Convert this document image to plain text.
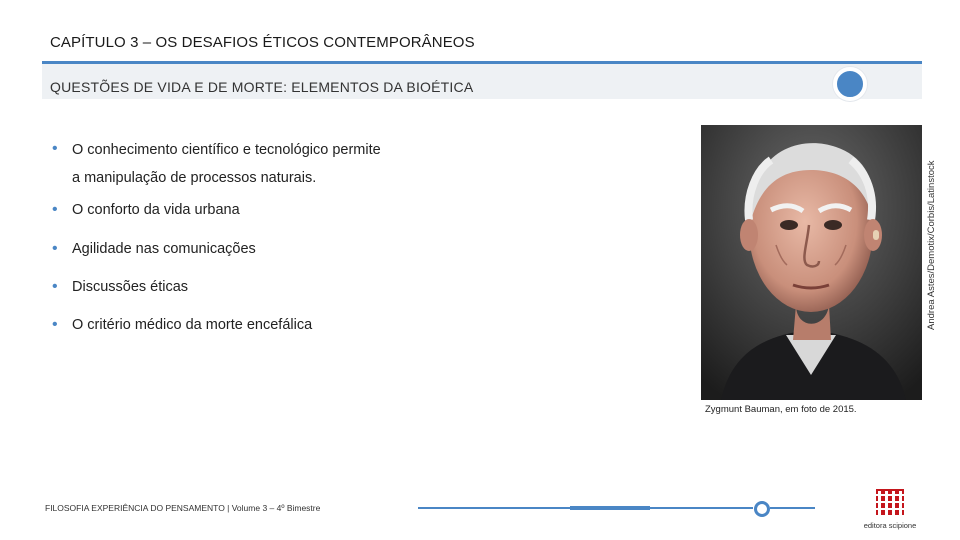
CAPÍTULO 3 – OS DESAFIOS ÉTICOS CONTEMPORÂNEOS
QUESTÕES DE VIDA E DE MORTE: ELEMENTOS DA BIOÉTICA
• O conhecimento científico e tecnológico permite
a manipulação de processos naturais.
• O conforto da vida urbana
• Agilidade nas comunicações
• Discussões éticas
• O critério médico da morte encefálica	Andrea Astes/Demotix/Corbis/Latinstock
Zygmunt Bauman, em foto de 2015.
FILOSOFIA EXPERIÊNCIA DO PENSAMENTO | Volume 3 – 4º Bimestre
editora scipione
